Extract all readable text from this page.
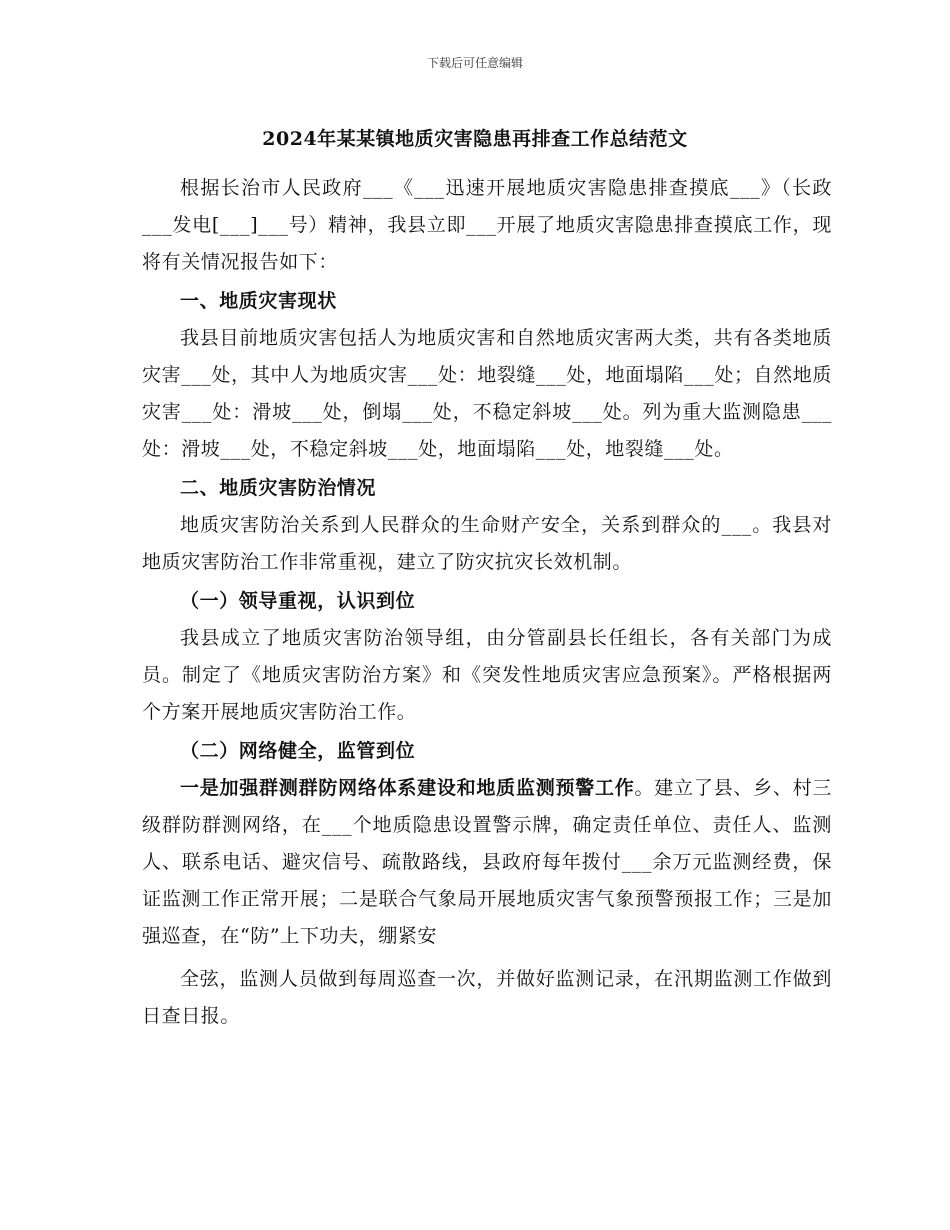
下载后可任意编辑
2024年某某镇地质灾害隐患再排查工作总结范文

根据长治市人民政府___《___迅速开展地质灾害隐患排查摸底___》（长政___发电[___]___号）精神，我县立即___开展了地质灾害隐患排查摸底工作，现将有关情况报告如下：

一、地质灾害现状

我县目前地质灾害包括人为地质灾害和自然地质灾害两大类，共有各类地质灾害___处，其中人为地质灾害___处：地裂缝___处，地面塌陷___处；自然地质灾害___处：滑坡___处，倒塌___处，不稳定斜坡___处。列为重大监测隐患___处：滑坡___处，不稳定斜坡___处，地面塌陷___处，地裂缝___处。

二、地质灾害防治情况

地质灾害防治关系到人民群众的生命财产安全，关系到群众的___。我县对地质灾害防治工作非常重视，建立了防灾抗灾长效机制。

（一）领导重视，认识到位

我县成立了地质灾害防治领导组，由分管副县长任组长，各有关部门为成员。制定了《地质灾害防治方案》和《突发性地质灾害应急预案》。严格根据两个方案开展地质灾害防治工作。

（二）网络健全，监管到位

一是加强群测群防网络体系建设和地质监测预警工作。建立了县、乡、村三级群防群测网络，在___个地质隐患设置警示牌，确定责任单位、责任人、监测人、联系电话、避灾信号、疏散路线，县政府每年拨付___余万元监测经费，保证监测工作正常开展；二是联合气象局开展地质灾害气象预警预报工作；三是加强巡查，在“防”上下功夫，绷紧安

全弦，监测人员做到每周巡查一次，并做好监测记录，在汛期监测工作做到日查日报。
